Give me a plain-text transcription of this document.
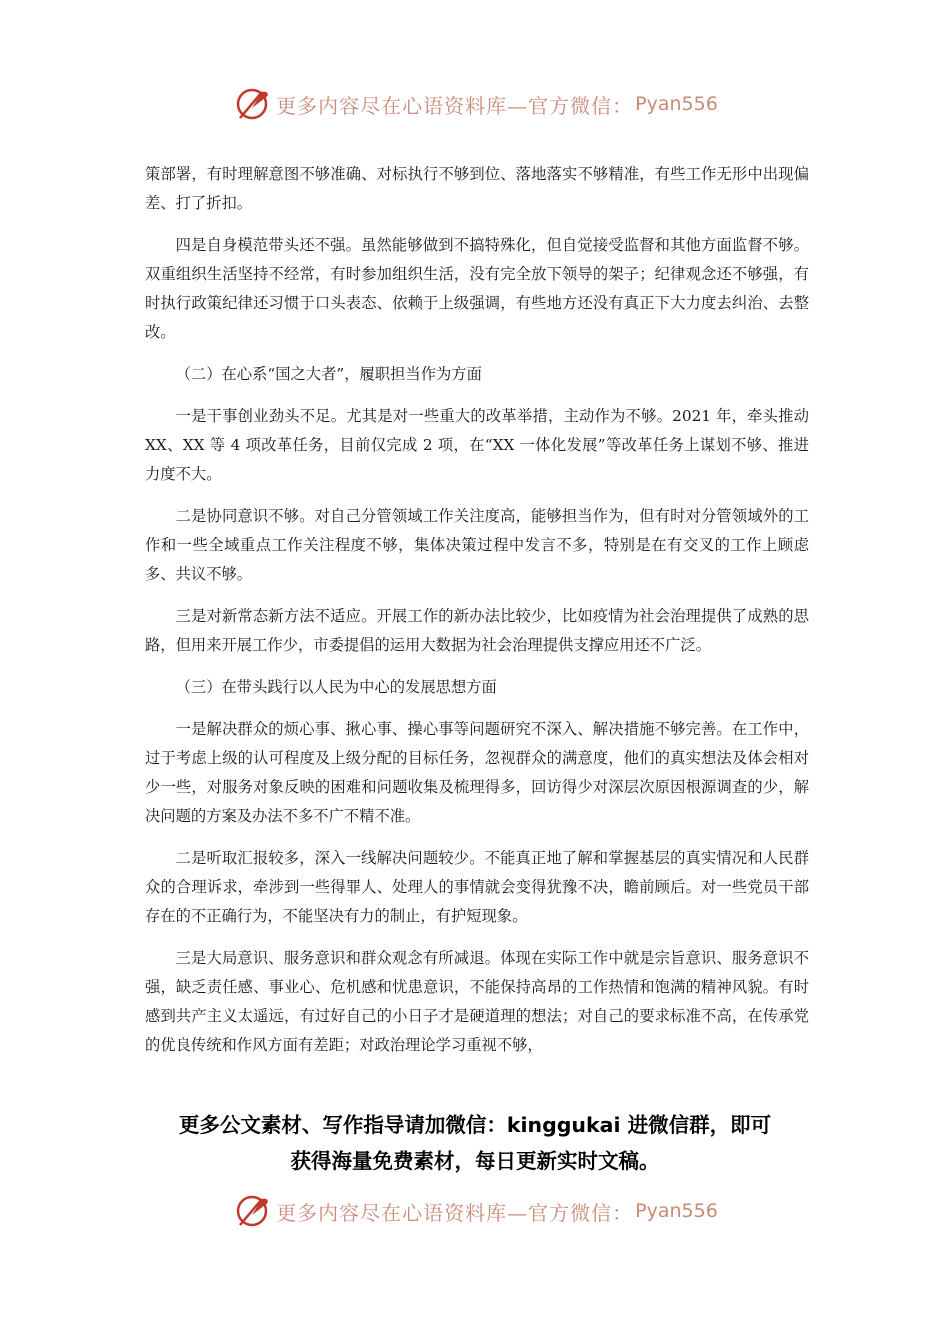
更多内容尽在心语资料库—官方微信： Pyan556

策部署，有时理解意图不够准确、对标执行不够到位、落地落实不够精准，有些工作无形中出现偏差、打了折扣。

四是自身模范带头还不强。虽然能够做到不搞特殊化，但自觉接受监督和其他方面监督不够。双重组织生活坚持不经常，有时参加组织生活，没有完全放下领导的架子；纪律观念还不够强，有时执行政策纪律还习惯于口头表态、依赖于上级强调，有些地方还没有真正下大力度去纠治、去整改。

（二）在心系“国之大者”，履职担当作为方面

一是干事创业劲头不足。尤其是对一些重大的改革举措，主动作为不够。2021 年，牵头推动 XX、XX 等 4 项改革任务，目前仅完成 2 项，在“XX 一体化发展”等改革任务上谋划不够、推进力度不大。

二是协同意识不够。对自己分管领域工作关注度高，能够担当作为，但有时对分管领域外的工作和一些全域重点工作关注程度不够，集体决策过程中发言不多，特别是在有交叉的工作上顾虑多、共议不够。

三是对新常态新方法不适应。开展工作的新办法比较少，比如疫情为社会治理提供了成熟的思路，但用来开展工作少，市委提倡的运用大数据为社会治理提供支撑应用还不广泛。

（三）在带头践行以人民为中心的发展思想方面

一是解决群众的烦心事、揪心事、操心事等问题研究不深入、解决措施不够完善。在工作中，过于考虑上级的认可程度及上级分配的目标任务，忽视群众的满意度，他们的真实想法及体会相对少一些，对服务对象反映的困难和问题收集及梳理得多，回访得少对深层次原因根源调查的少，解决问题的方案及办法不多不广不精不准。

二是听取汇报较多，深入一线解决问题较少。不能真正地了解和掌握基层的真实情况和人民群众的合理诉求，牵涉到一些得罪人、处理人的事情就会变得犹豫不决，瞻前顾后。对一些党员干部存在的不正确行为，不能坚决有力的制止，有护短现象。

三是大局意识、服务意识和群众观念有所减退。体现在实际工作中就是宗旨意识、服务意识不强，缺乏责任感、事业心、危机感和忧患意识，不能保持高昂的工作热情和饱满的精神风貌。有时感到共产主义太遥远，有过好自己的小日子才是硬道理的想法；对自己的要求标准不高，在传承党的优良传统和作风方面有差距；对政治理论学习重视不够，

更多公文素材、写作指导请加微信：kinggukai 进微信群，即可
获得海量免费素材，每日更新实时文稿。
更多内容尽在心语资料库—官方微信： Pyan556
